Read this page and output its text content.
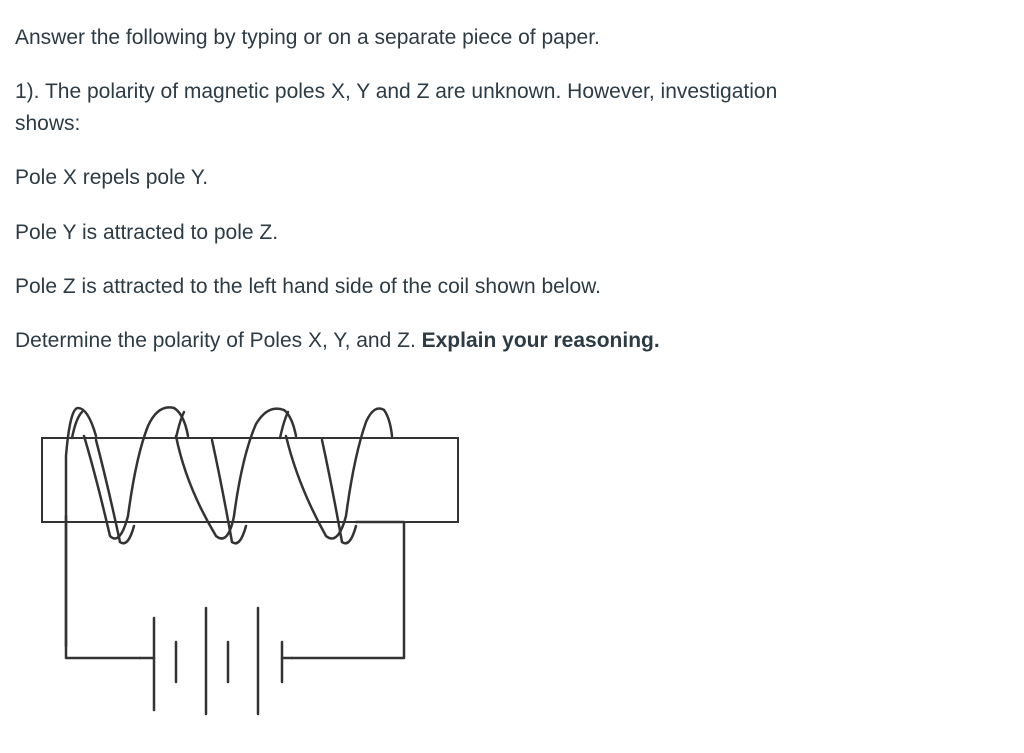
Answer the following by typing or on a separate piece of paper.

1). The polarity of magnetic poles X, Y and Z are unknown. However, investigation shows:

Pole X repels pole Y.

Pole Y is attracted to pole Z.

Pole Z is attracted to the left hand side of the coil shown below.

Determine the polarity of Poles X, Y, and Z. Explain your reasoning.
